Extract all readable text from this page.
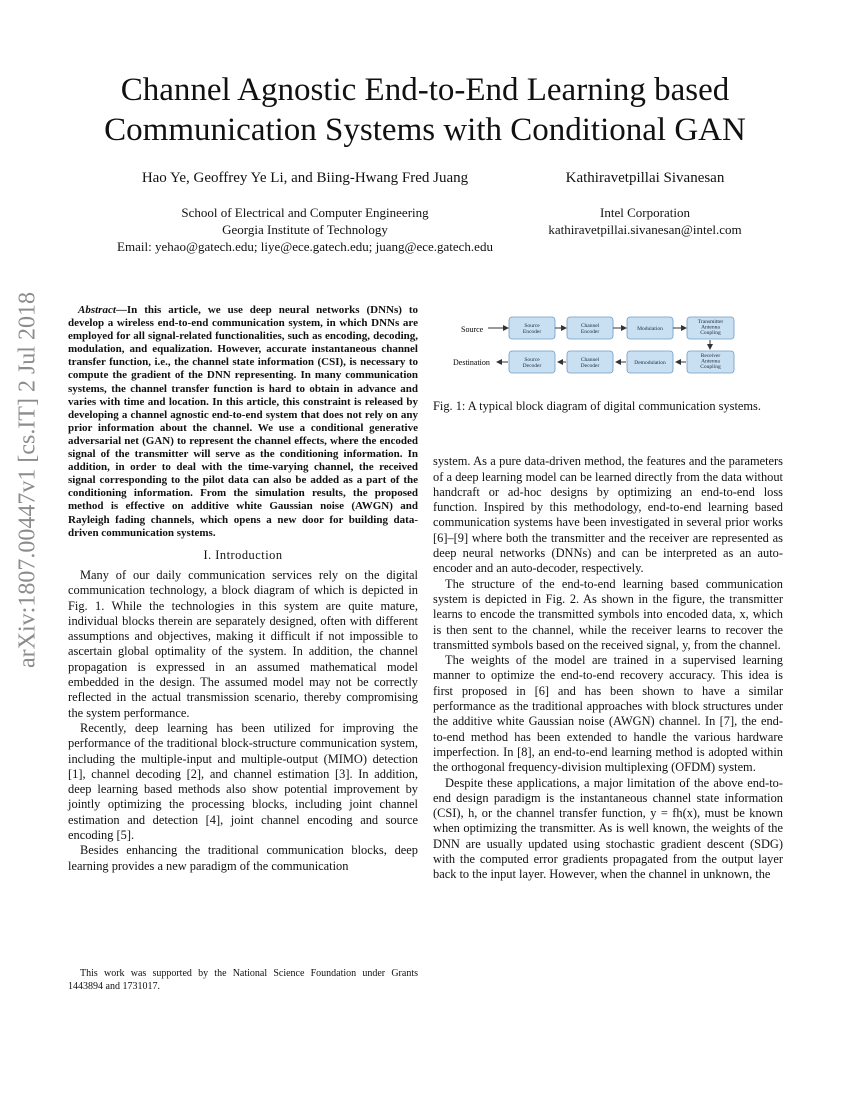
Channel Agnostic End-to-End Learning based
Communication Systems with Conditional GAN
Hao Ye, Geoffrey Ye Li, and Biing-Hwang Fred Juang	Kathiravetpillai Sivanesan
School of Electrical and Computer Engineering
Georgia Institute of Technology
Email: yehao@gatech.edu; liye@ece.gatech.edu; juang@ece.gatech.edu
Intel Corporation
kathiravetpillai.sivanesan@intel.com
arXiv:1807.00447v1 [cs.IT] 2 Jul 2018	Abstract—In this article, we use deep neural networks (DNNs) to develop a wireless end-to-end communication system, in which DNNs are employed for all signal-related functionalities, such as encoding, decoding, modulation, and equalization. However, accurate instantaneous channel transfer function, i.e., the channel state information (CSI), is necessary to compute the gradient of the DNN representing. In many communication systems, the channel transfer function is hard to obtain in advance and varies with time and location. In this article, this constraint is released by developing a channel agnostic end-to-end system that does not rely on any prior information about the channel. We use a conditional generative adversarial net (GAN) to represent the channel effects, where the encoded signal of the transmitter will serve as the conditioning information. In addition, in order to deal with the time-varying channel, the received signal corresponding to the pilot data can also be added as a part of the conditioning information. From the simulation results, the proposed method is effective on additive white Gaussian noise (AWGN) and Rayleigh fading channels, which opens a new door for building data-driven communication systems.

I. Introduction

Many of our daily communication services rely on the digital communication technology, a block diagram of which is depicted in Fig. 1. While the technologies in this system are quite mature, individual blocks therein are separately designed, often with different assumptions and objectives, making it difficult if not impossible to ascertain global optimality of the system. In addition, the channel propagation is expressed in an assumed mathematical model embedded in the design. The assumed model may not be correctly reflected in the actual transmission scenario, thereby compromising the system performance.

Recently, deep learning has been utilized for improving the performance of the traditional block-structure communication system, including the multiple-input and multiple-output (MIMO) detection [1], channel decoding [2], and channel estimation [3]. In addition, deep learning based methods also show potential improvement by jointly optimizing the processing blocks, including joint channel estimation and detection [4], joint channel encoding and source encoding [5].

Besides enhancing the traditional communication blocks, deep learning provides a new paradigm of the communication

This work was supported by the National Science Foundation under Grants 1443894 and 1731017.
Source
Destination
Source Encoder
Channel Encoder	Modulation
Transmitter Antenna Coupling
Source Decoder
Channel Decoder	Demodulation
Receiver Antenna Coupling

Fig. 1: A typical block diagram of digital communication systems.

system. As a pure data-driven method, the features and the parameters of a deep learning model can be learned directly from the data without handcraft or ad-hoc designs by optimizing an end-to-end loss function. Inspired by this methodology, end-to-end learning based communication systems have been investigated in several prior works [6]–[9] where both the transmitter and the receiver are represented as deep neural networks (DNNs) and can be interpreted as an auto-encoder and an auto-decoder, respectively.

The structure of the end-to-end learning based communication system is depicted in Fig. 2. As shown in the figure, the transmitter learns to encode the transmitted symbols into encoded data, x, which is then sent to the channel, while the receiver learns to recover the transmitted symbols based on the received signal, y, from the channel.

The weights of the model are trained in a supervised learning manner to optimize the end-to-end recovery accuracy. This idea is first proposed in [6] and has been shown to have a similar performance as the traditional approaches with block structures under the additive white Gaussian noise (AWGN) channel. In [7], the end-to-end method has been extended to handle the various hardware imperfection. In [8], an end-to-end learning method is adopted within the orthogonal frequency-division multiplexing (OFDM) system.

Despite these applications, a major limitation of the above end-to-end design paradigm is the instantaneous channel state information (CSI), h, or the channel transfer function, y = fh(x), must be known when optimizing the transmitter. As is well known, the weights of the DNN are usually updated using stochastic gradient descent (SDG) with the computed error gradients propagated from the output layer back to the input layer. However, when the channel in unknown, the
